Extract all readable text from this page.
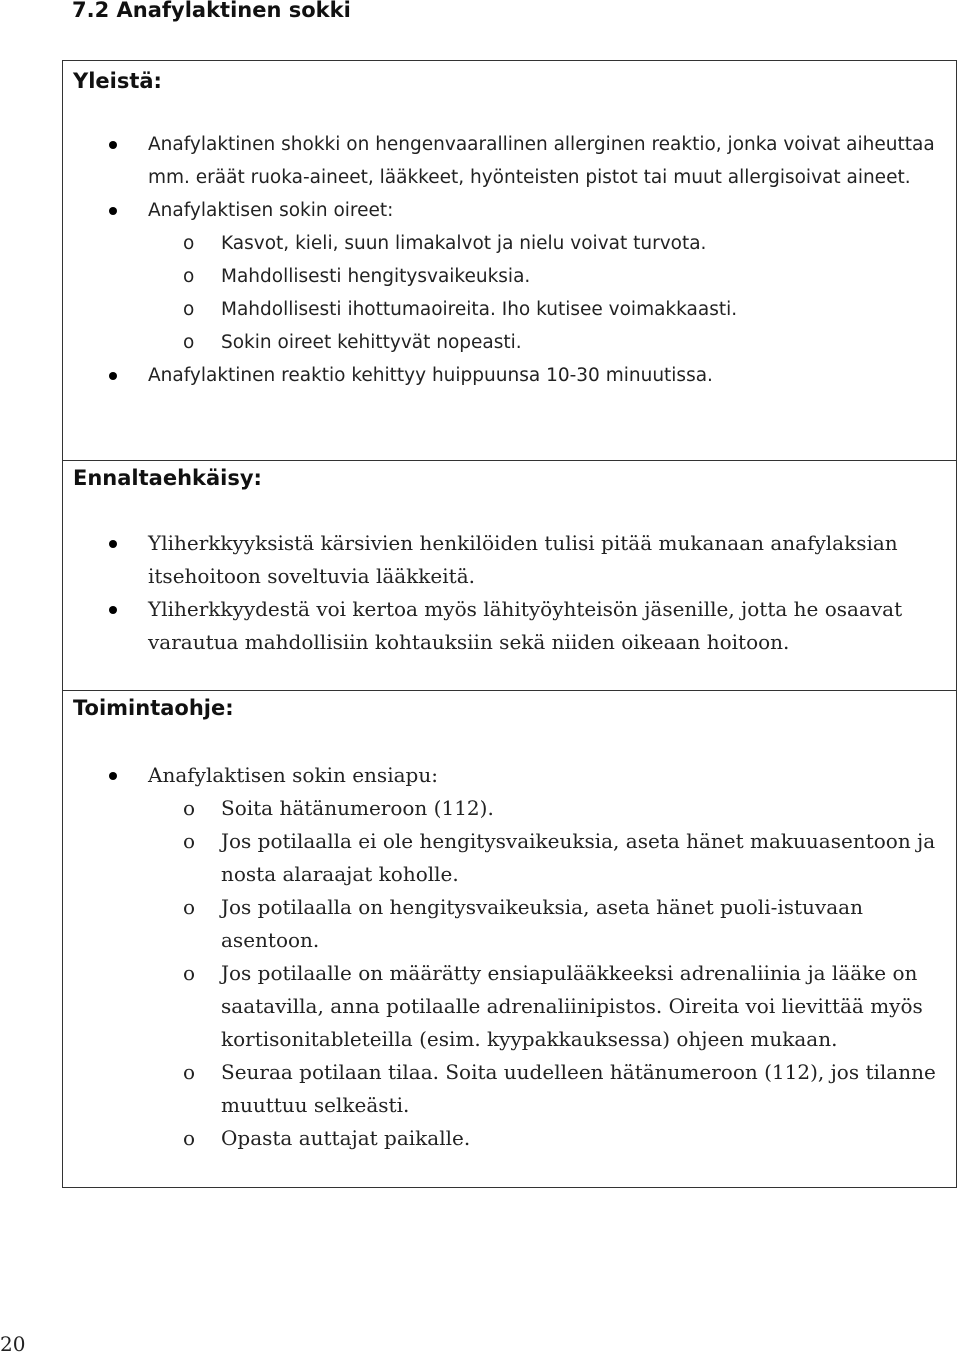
7.2 Anafylaktinen sokki
Yleistä:
Anafylaktinen shokki on hengenvaarallinen allerginen reaktio, jonka voivat aiheuttaa mm. eräät ruoka-aineet, lääkkeet, hyönteisten pistot tai muut allergisoivat aineet.
Anafylaktisen sokin oireet:
o Kasvot, kieli, suun limakalvot ja nielu voivat turvota.
o Mahdollisesti hengitysvaikeuksia.
o Mahdollisesti ihottumaoireita. Iho kutisee voimakkaasti.
o Sokin oireet kehittyvät nopeasti.
Anafylaktinen reaktio kehittyy huippuunsa 10-30 minuutissa.
Ennaltaehkäisy:
Yliherkkyyksistä kärsivien henkilöiden tulisi pitää mukanaan anafylaksian itsehoitoon soveltuvia lääkkeitä.
Yliherkkyydestä voi kertoa myös lähityöyhteisön jäsenille, jotta he osaavat varautua mahdollisiin kohtauksiin sekä niiden oikeaan hoitoon.
Toimintaohje:
Anafylaktisen sokin ensiapu:
o Soita hätänumeroon (112).
o Jos potilaalla ei ole hengitysvaikeuksia, aseta hänet makuuasentoon ja nosta alaraajat koholle.
o Jos potilaalla on hengitysvaikeuksia, aseta hänet puoli-istuvaan asentoon.
o Jos potilaalle on määrätty ensiapulääkkeeksi adrenaliinia ja lääke on saatavilla, anna potilaalle adrenaliinipistos. Oireita voi lievittää myös kortisonitableteilla (esim. kyypakkauksessa) ohjeen mukaan.
o Seuraa potilaan tilaa. Soita uudelleen hätänumeroon (112), jos tilanne muuttuu selkeästi.
o Opasta auttajat paikalle.
20
